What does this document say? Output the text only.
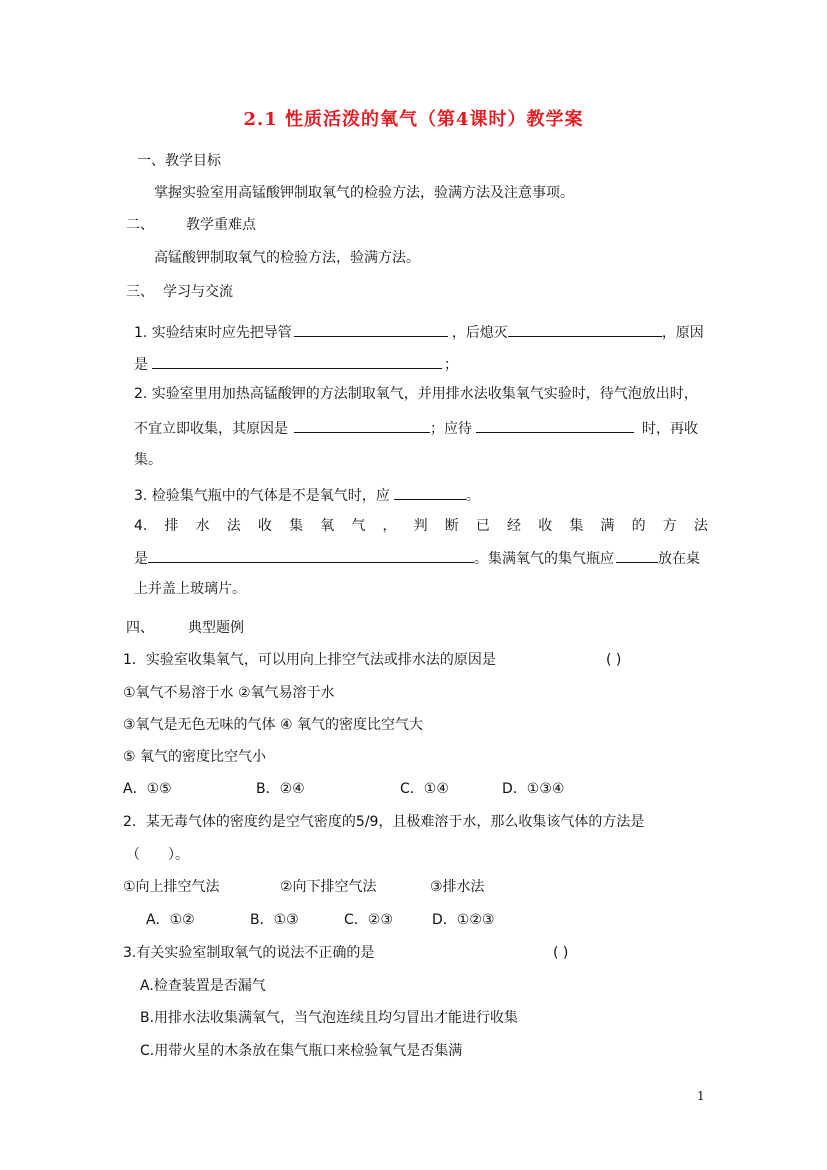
2.1 性质活泼的氧气（第4课时）教学案
一、教学目标
掌握实验室用高锰酸钾制取氧气的检验方法，验满方法及注意事项。
二、 教学重难点
高锰酸钾制取氧气的检验方法，验满方法。
三、 学习与交流
1. 实验结束时应先把导管	，后熄灭	，原因
是	；
2. 实验室里用加热高锰酸钾的方法制取氧气，并用排水法收集氧气实验时，待气泡放出时，
不宜立即收集，其原因是	；应待	时，再收
集。
3. 检验集气瓶中的气体是不是氧气时，应	。
4. 排 水 法 收 集 氧 气 ， 判 断 已 经 收 集 满 的 方 法
是	。集满氧气的集气瓶应	放在桌
上并盖上玻璃片。
四、 典型题例
1．实验室收集氧气，可以用向上排空气法或排水法的原因是	( )
①氧气不易溶于水 ②氧气易溶于水
③氧气是无色无味的气体 ④ 氧气的密度比空气大
⑤ 氧气的密度比空气小
A．①⑤	B．②④	C．①④	D．①③④
2．某无毒气体的密度约是空气密度的5/9，且极难溶于水，那么收集该气体的方法是
（　　）。
①向上排空气法	②向下排空气法	③排水法
A．①②	B．①③	C．②③	D．①②③
3.有关实验室制取氧气的说法不正确的是	( )
A.检查装置是否漏气
B.用排水法收集满氧气，当气泡连续且均匀冒出才能进行收集
C.用带火星的木条放在集气瓶口来检验氧气是否集满
1
